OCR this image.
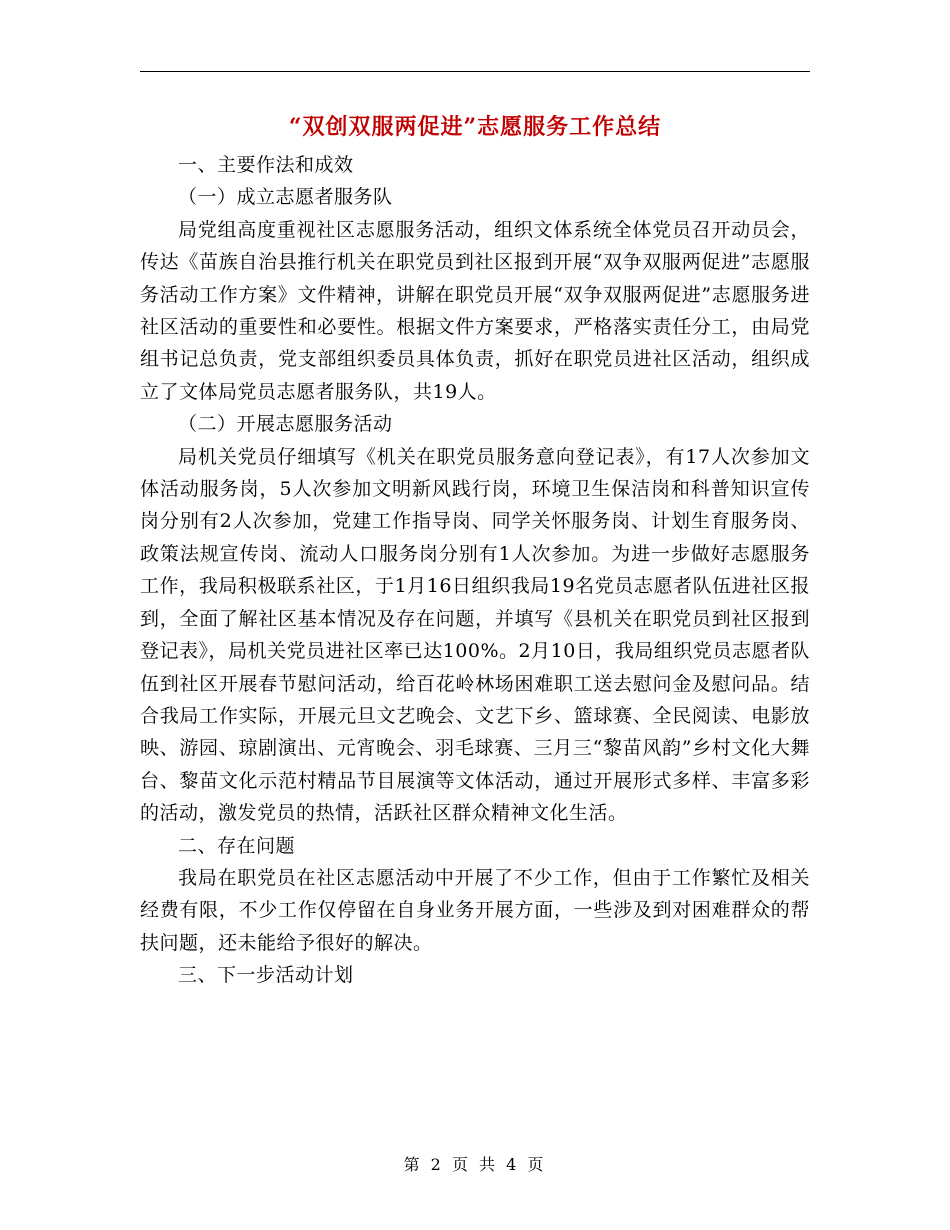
“双创双服两促进”志愿服务工作总结

一、主要作法和成效

（一）成立志愿者服务队

局党组高度重视社区志愿服务活动，组织文体系统全体党员召开动员会，传达《苗族自治县推行机关在职党员到社区报到开展“双争双服两促进”志愿服务活动工作方案》文件精神，讲解在职党员开展“双争双服两促进”志愿服务进社区活动的重要性和必要性。根据文件方案要求，严格落实责任分工，由局党组书记总负责，党支部组织委员具体负责，抓好在职党员进社区活动，组织成立了文体局党员志愿者服务队，共19人。

（二）开展志愿服务活动

局机关党员仔细填写《机关在职党员服务意向登记表》，有17人次参加文体活动服务岗，5人次参加文明新风践行岗，环境卫生保洁岗和科普知识宣传岗分别有2人次参加，党建工作指导岗、同学关怀服务岗、计划生育服务岗、政策法规宣传岗、流动人口服务岗分别有1人次参加。为进一步做好志愿服务工作，我局积极联系社区，于1月16日组织我局19名党员志愿者队伍进社区报到，全面了解社区基本情况及存在问题，并填写《县机关在职党员到社区报到登记表》，局机关党员进社区率已达100%。2月10日，我局组织党员志愿者队伍到社区开展春节慰问活动，给百花岭林场困难职工送去慰问金及慰问品。结合我局工作实际，开展元旦文艺晚会、文艺下乡、篮球赛、全民阅读、电影放映、游园、琼剧演出、元宵晚会、羽毛球赛、三月三“黎苗风韵”乡村文化大舞台、黎苗文化示范村精品节目展演等文体活动，通过开展形式多样、丰富多彩的活动，激发党员的热情，活跃社区群众精神文化生活。

二、存在问题

我局在职党员在社区志愿活动中开展了不少工作，但由于工作繁忙及相关经费有限，不少工作仅停留在自身业务开展方面，一些涉及到对困难群众的帮扶问题，还未能给予很好的解决。

三、下一步活动计划

第 2 页 共 4 页
